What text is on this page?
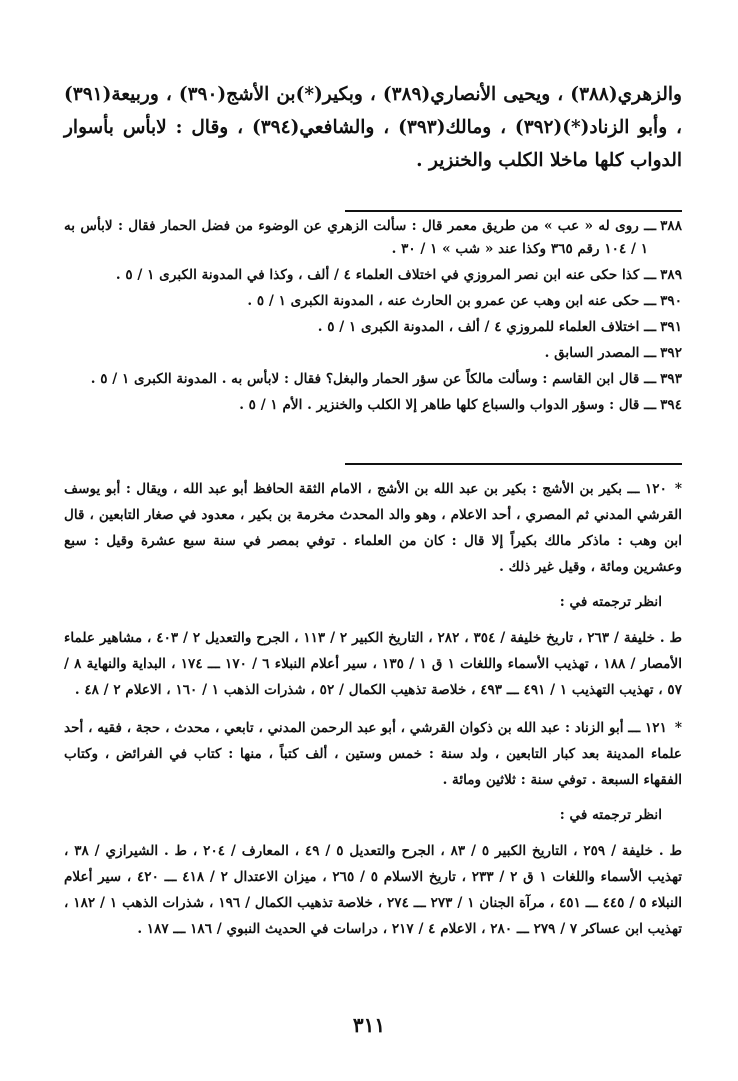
والزهري(٣٨٨) ، ويحيى الأنصاري(٣٨٩) ، وبكير(*)بن الأشج(٣٩٠) ، وربيعة(٣٩١) ، وأبو الزناد(*)(٣٩٢) ، ومالك(٣٩٣) ، والشافعي(٣٩٤) ، وقال : لابأس بأسوار الدواب كلها ماخلا الكلب والخنزير .

٣٨٨ـــ روى له « عب » من طريق معمر قال : سألت الزهري عن الوضوء من فضل الحمار فقال : لابأس به ١ / ١٠٤ رقم ٣٦٥ وكذا عند « شب » ١ / ٣٠ .

٣٨٩ـــ كذا حكى عنه ابن نصر المروزي في اختلاف العلماء ٤ / ألف ، وكذا في المدونة الكبرى ١ / ٥ .

٣٩٠ـــ حكى عنه ابن وهب عن عمرو بن الحارث عنه ، المدونة الكبرى ١ / ٥ .

٣٩١ـــ اختلاف العلماء للمروزي ٤ / ألف ، المدونة الكبرى ١ / ٥ .

٣٩٢ـــ المصدر السابق .

٣٩٣ـــ قال ابن القاسم : وسألت مالكاً عن سؤر الحمار والبغل؟ فقال : لابأس به . المدونة الكبرى ١ / ٥ .

٣٩٤ـــ قال : وسؤر الدواب والسباع كلها طاهر إلا الكلب والخنزير . الأم ١ / ٥ .

*١٢٠ ـــ بكير بن الأشج : بكير بن عبد الله بن الأشج ، الامام الثقة الحافظ أبو عبد الله ، ويقال : أبو يوسف القرشي المدني ثم المصري ، أحد الاعلام ، وهو والد المحدث مخرمة بن بكير ، معدود في صغار التابعين ، قال ابن وهب : ماذكر مالك بكيراً إلا قال : كان من العلماء . توفي بمصر في سنة سبع عشرة وقيل : سبع وعشرين ومائة ، وقيل غير ذلك .

انظر ترجمته في :

ط . خليفة / ٢٦٣ ، تاريخ خليفة / ٣٥٤ ، ٢٨٢ ، التاريخ الكبير ٢ / ١١٣ ، الجرح والتعديل ٢ / ٤٠٣ ، مشاهير علماء الأمصار / ١٨٨ ، تهذيب الأسماء واللغات ١ ق ١ / ١٣٥ ، سير أعلام النبلاء ٦ / ١٧٠ ـــ ١٧٤ ، البداية والنهاية ٨ / ٥٧ ، تهذيب التهذيب ١ / ٤٩١ ـــ ٤٩٣ ، خلاصة تذهيب الكمال / ٥٢ ، شذرات الذهب ١ / ١٦٠ ، الاعلام ٢ / ٤٨ .

*١٢١ ـــ أبو الزناد : عبد الله بن ذكوان القرشي ، أبو عبد الرحمن المدني ، تابعي ، محدث ، حجة ، فقيه ، أحد علماء المدينة بعد كبار التابعين ، ولد سنة : خمس وستين ، ألف كتباً ، منها : كتاب في الفرائض ، وكتاب الفقهاء السبعة . توفي سنة : ثلاثين ومائة .

انظر ترجمته في :

ط . خليفة / ٢٥٩ ، التاريخ الكبير ٥ / ٨٣ ، الجرح والتعديل ٥ / ٤٩ ، المعارف / ٢٠٤ ، ط . الشيرازي / ٣٨ ، تهذيب الأسماء واللغات ١ ق ٢ / ٢٣٣ ، تاريخ الاسلام ٥ / ٢٦٥ ، ميزان الاعتدال ٢ / ٤١٨ ـــ ٤٢٠ ، سير أعلام النبلاء ٥ / ٤٤٥ ـــ ٤٥١ ، مرآة الجنان ١ / ٢٧٣ ـــ ٢٧٤ ، خلاصة تذهيب الكمال / ١٩٦ ، شذرات الذهب ١ / ١٨٢ ، تهذيب ابن عساكر ٧ / ٢٧٩ ـــ ٢٨٠ ، الاعلام ٤ / ٢١٧ ، دراسات في الحديث النبوي / ١٨٦ ـــ ١٨٧ .

٣١١
